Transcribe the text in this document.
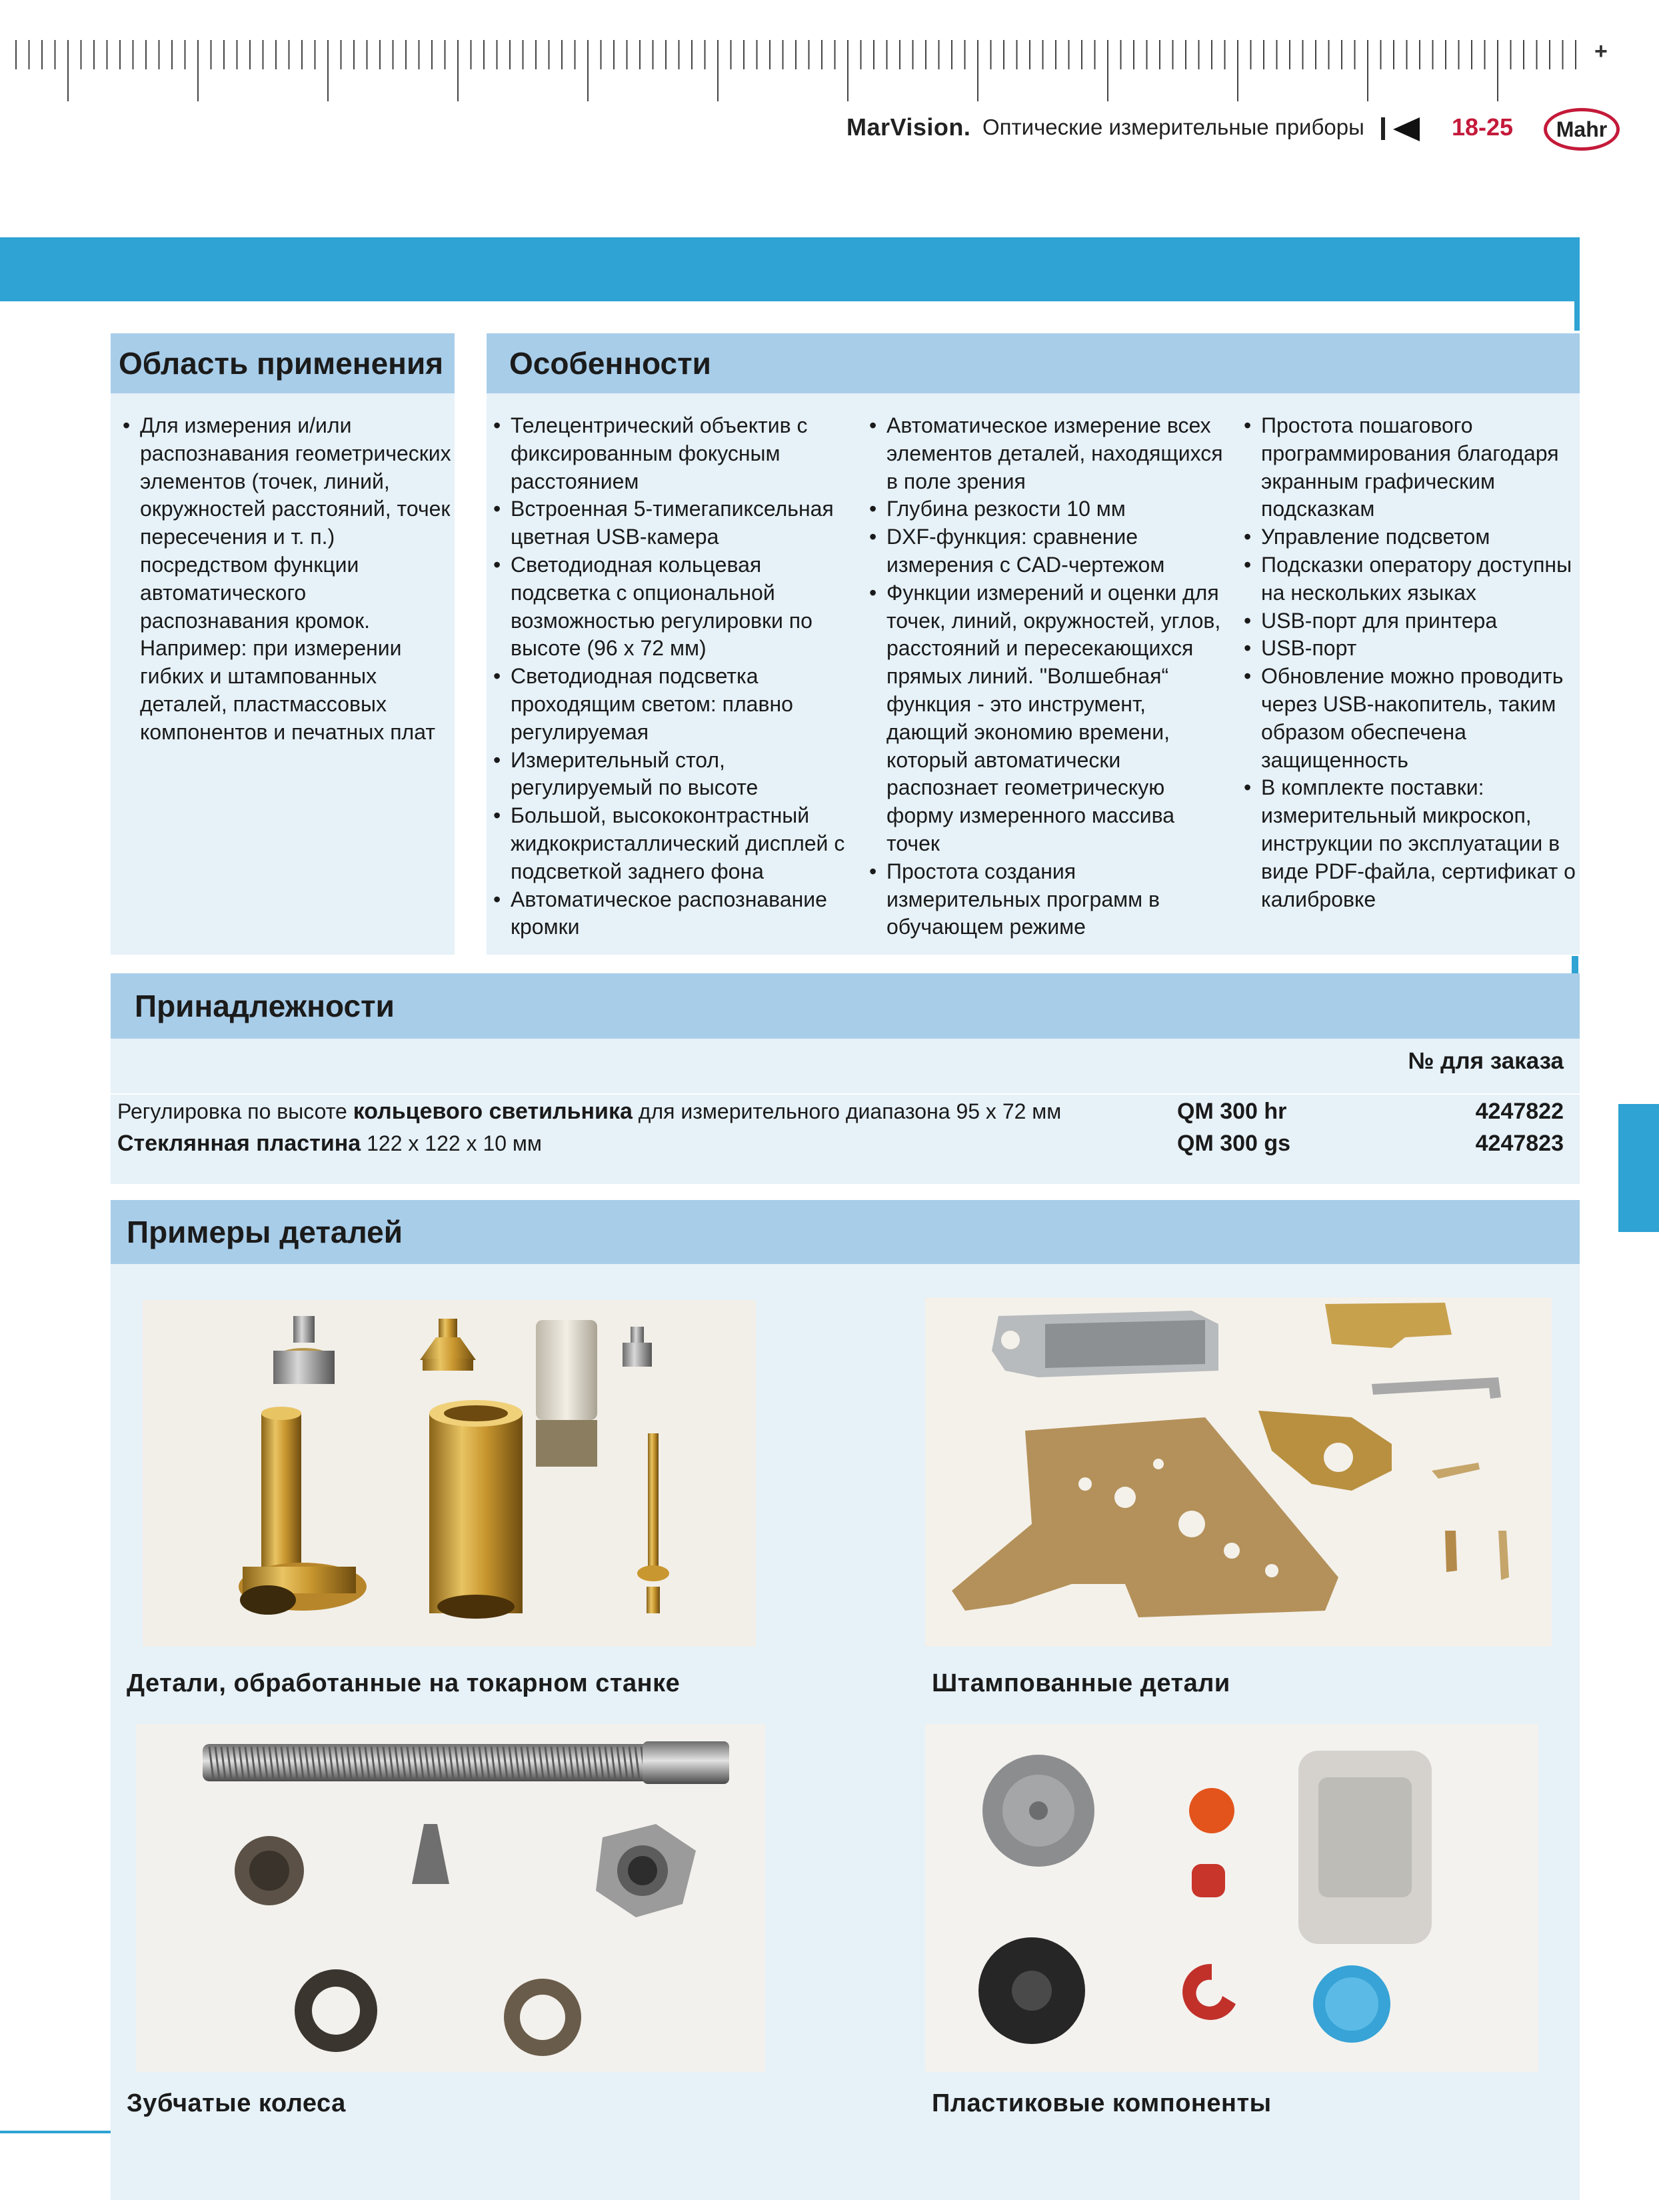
+
MarVision. Оптические измерительные приборы	18-25	Mahr
Область применения
• Для измерения и/или распознавания геометрических элементов (точек, линий, окружностей расстояний, точек пересечения и т. п.) посредством функции автоматического распознавания кромок. Например: при измерении гибких и штампованных деталей, пластмассовых компонентов и печатных плат
Особенности
• Телецентрический объектив с фиксированным фокусным расстоянием
• Встроенная 5-тимегапиксельная цветная USB-камера
• Светодиодная кольцевая подсветка с опциональной возможностью регулировки по высоте (96 x 72 мм)
• Светодиодная подсветка проходящим светом: плавно регулируемая
• Измерительный стол, регулируемый по высоте
• Большой, высококонтрастный жидкокристаллический дисплей с подсветкой заднего фона
• Автоматическое распознавание кромки
• Автоматическое измерение всех элементов деталей, находящихся в поле зрения
• Глубина резкости 10 мм
• DXF-функция: сравнение измерения с CAD-чертежом
• Функции измерений и оценки для точек, линий, окружностей, углов, расстояний и пересекающихся прямых линий. "Волшебная“ функция - это инструмент, дающий экономию времени, который автоматически распознает геометрическую форму измеренного массива точек
• Простота создания измерительных программ в обучающем режиме
• Простота пошагового программирования благодаря экранным графическим подсказкам
• Управление подсветом
• Подсказки оператору доступны на нескольких языках
• USB-порт для принтера
• USB-порт
• Обновление можно проводить через USB-накопитель, таким образом обеспечена защищенность
• В комплекте поставки: измерительный микроскоп, инструкции по эксплуатации в виде PDF-файла, сертификат о калибровке
Принадлежности
№ для заказа
Регулировка по высоте кольцевого светильника для измерительного диапазона 95 x 72 мм	QM 300 hr	4247822
Стеклянная пластина 122 x 122 x 10 мм	QM 300 gs	4247823
Примеры деталей
Детали, обработанные на токарном станке	Штампованные детали
Зубчатые колеса	Пластиковые компоненты
